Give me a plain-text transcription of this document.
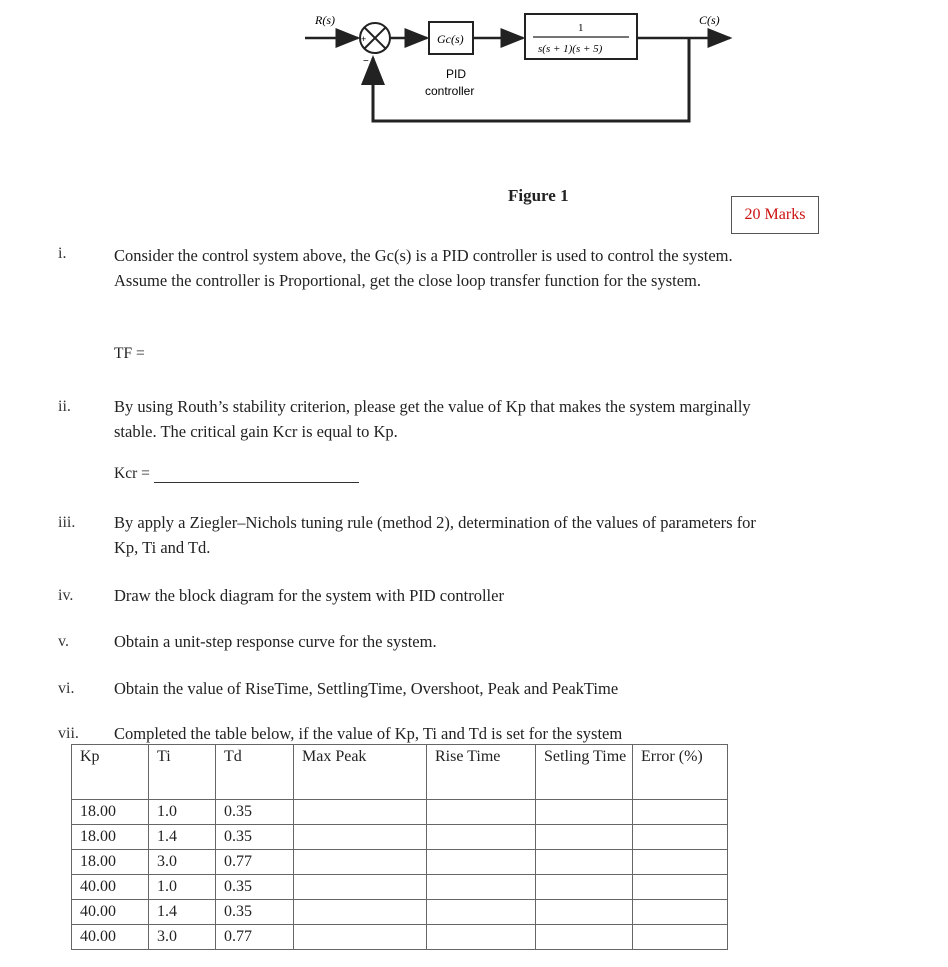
R(s)
+
−
Gc(s)
PID
controller
1
s(s + 1)(s + 5)
C(s)
Figure 1
20 Marks
i.	Consider the control system above, the Gc(s) is a PID controller is used to control the system. Assume the controller is Proportional, get the close loop transfer function for the system.
TF =
ii.	By using Routh’s stability criterion, please get the value of Kp that makes the system marginally stable. The critical gain Kcr is equal to Kp.
Kcr =
iii. By apply a Ziegler–Nichols tuning rule (method 2), determination of the values of parameters for Kp, Ti and Td.
iv. Draw the block diagram for the system with PID controller
v.	Obtain a unit-step response curve for the system.
vi. Obtain the value of RiseTime, SettlingTime, Overshoot, Peak and PeakTime
vii. Completed the table below, if the value of Kp, Ti and Td is set for the system
Kp	Ti	Td	Max Peak	Rise Time	Setling Time	Error (%)
18.00	1.0	0.35				
18.00	1.4	0.35				
18.00	3.0	0.77				
40.00	1.0	0.35				
40.00	1.4	0.35				
40.00	3.0	0.77				
